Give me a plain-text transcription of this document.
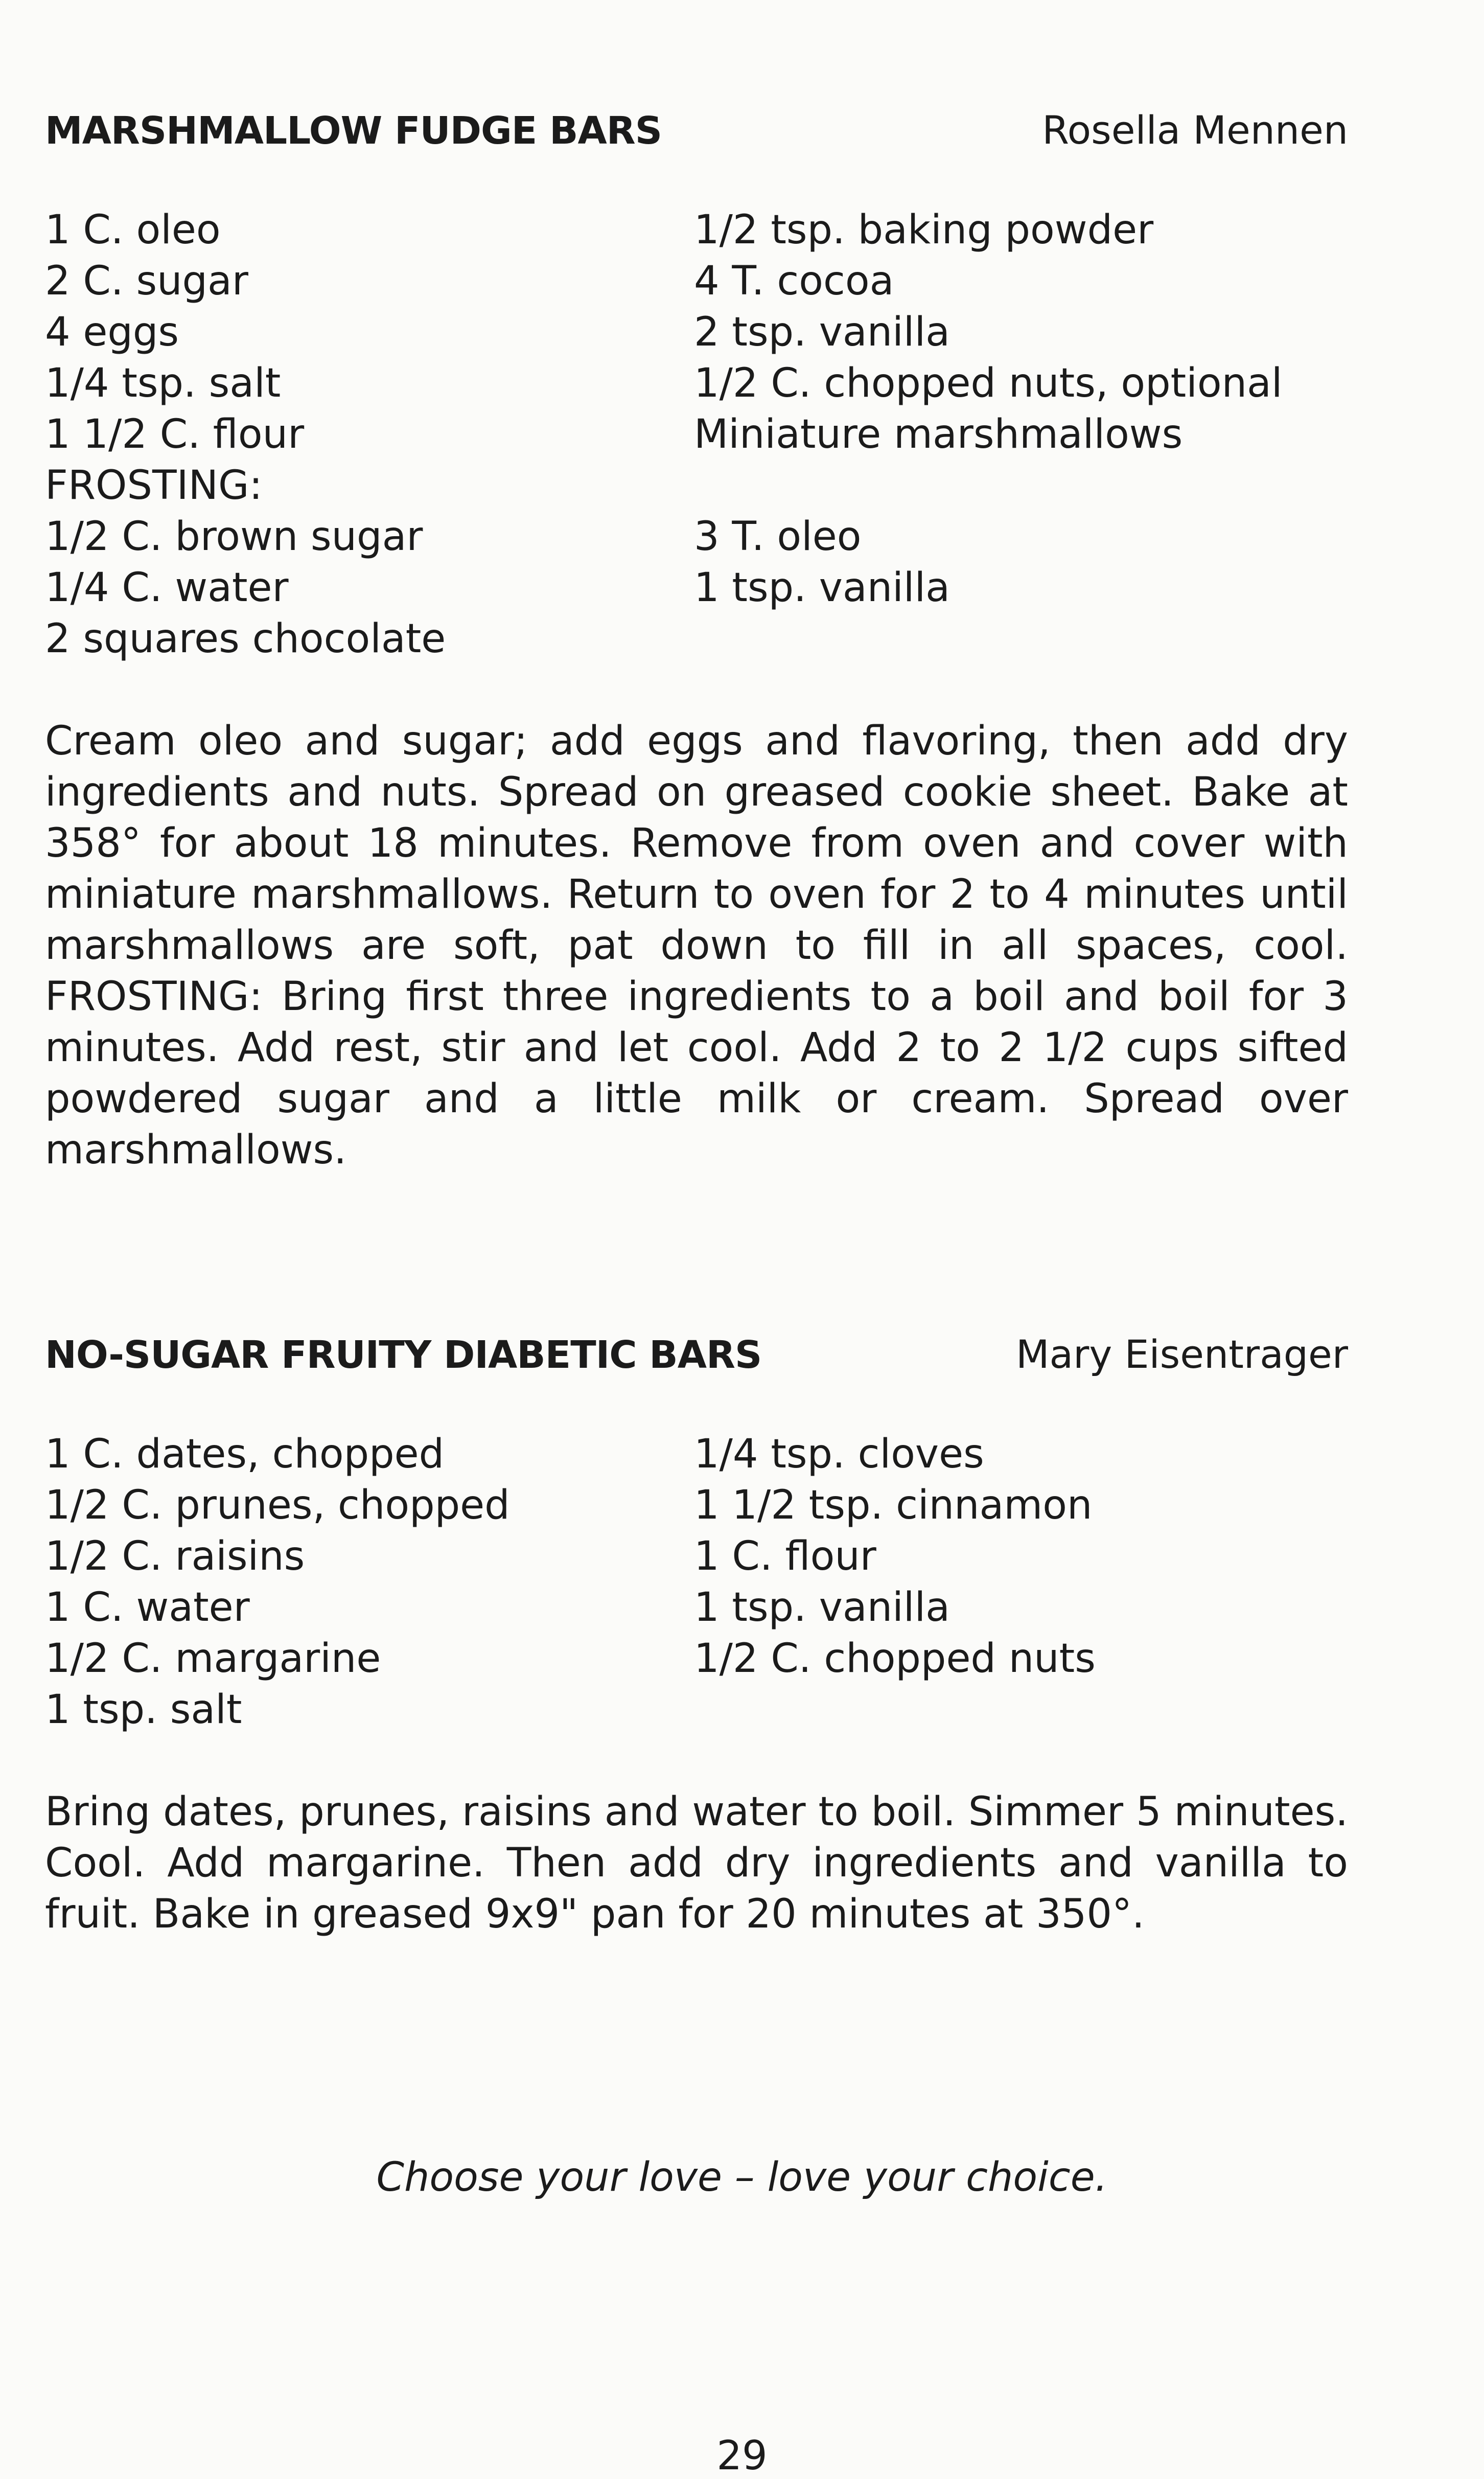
MARSHMALLOW FUDGE BARS	Rosella Mennen
1 C. oleo
2 C. sugar
4 eggs
1/4 tsp. salt
1 1/2 C. flour
1/2 tsp. baking powder
4 T. cocoa
2 tsp. vanilla
1/2 C. chopped nuts, optional
Miniature marshmallows
FROSTING:
1/2 C. brown sugar
1/4 C. water
2 squares chocolate
3 T. oleo
1 tsp. vanilla
Cream oleo and sugar; add eggs and flavoring, then add dry ingredients and nuts. Spread on greased cookie sheet. Bake at 358° for about 18 minutes. Remove from oven and cover with miniature marshmallows. Return to oven for 2 to 4 minutes until marshmallows are soft, pat down to fill in all spaces, cool. FROSTING: Bring first three ingredients to a boil and boil for 3 minutes. Add rest, stir and let cool. Add 2 to 2 1/2 cups sifted powdered sugar and a little milk or cream. Spread over marshmallows.
NO-SUGAR FRUITY DIABETIC BARS	Mary Eisentrager
1 C. dates, chopped
1/2 C. prunes, chopped
1/2 C. raisins
1 C. water
1/2 C. margarine
1 tsp. salt
1/4 tsp. cloves
1 1/2 tsp. cinnamon
1 C. flour
1 tsp. vanilla
1/2 C. chopped nuts
Bring dates, prunes, raisins and water to boil. Simmer 5 minutes. Cool. Add margarine. Then add dry ingredients and vanilla to fruit. Bake in greased 9x9" pan for 20 minutes at 350°.
Choose your love – love your choice.
29
